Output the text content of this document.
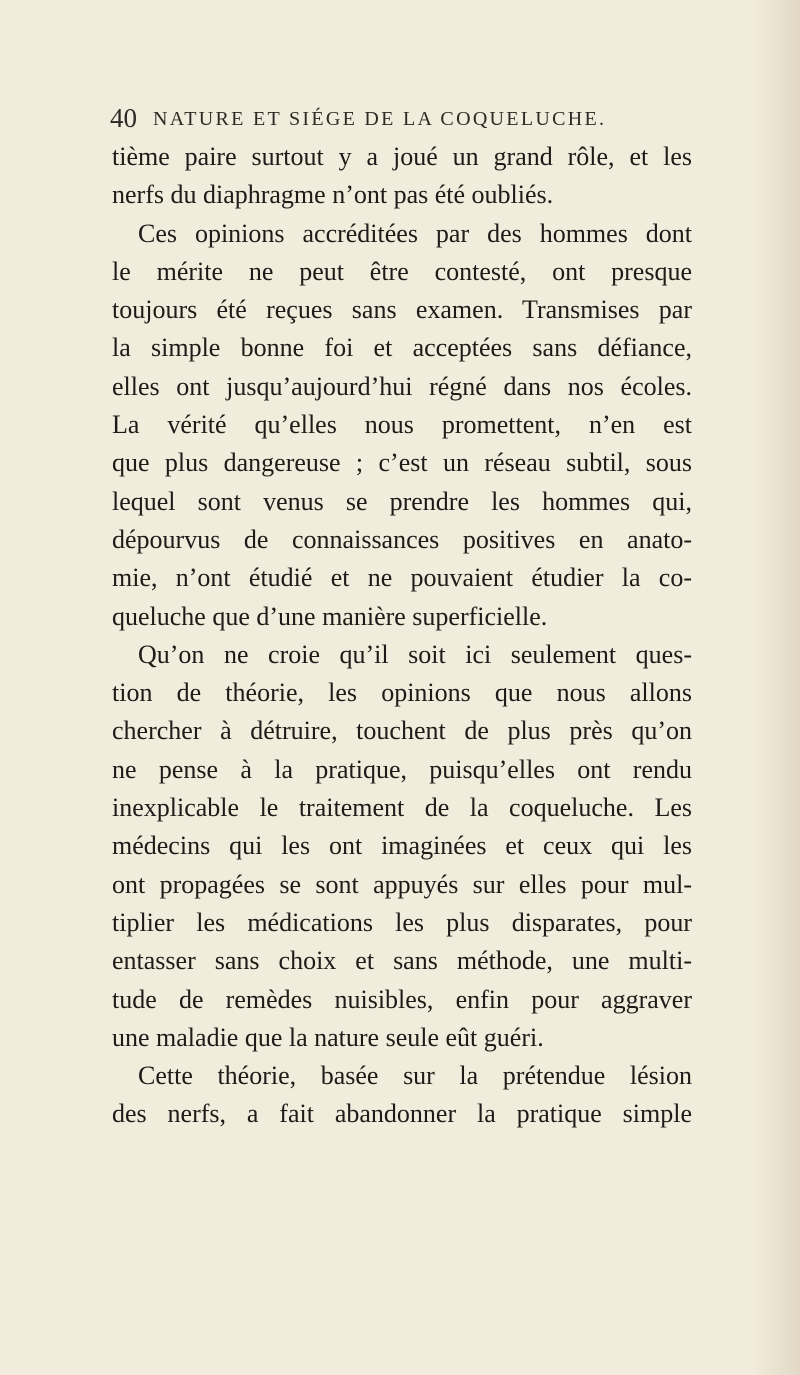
40 NATURE ET SIÉGE DE LA COQUELUCHE.
tième paire surtout y a joué un grand rôle, et les
nerfs du diaphragme n’ont pas été oubliés.
Ces opinions accréditées par des hommes dont
le mérite ne peut être contesté, ont presque
toujours été reçues sans examen. Transmises par
la simple bonne foi et acceptées sans défiance,
elles ont jusqu’aujourd’hui régné dans nos écoles.
La vérité qu’elles nous promettent, n’en est
que plus dangereuse ; c’est un réseau subtil, sous
lequel sont venus se prendre les hommes qui,
dépourvus de connaissances positives en anato-
mie, n’ont étudié et ne pouvaient étudier la co-
queluche que d’une manière superficielle.
Qu’on ne croie qu’il soit ici seulement ques-
tion de théorie, les opinions que nous allons
chercher à détruire, touchent de plus près qu’on
ne pense à la pratique, puisqu’elles ont rendu
inexplicable le traitement de la coqueluche. Les
médecins qui les ont imaginées et ceux qui les
ont propagées se sont appuyés sur elles pour mul-
tiplier les médications les plus disparates, pour
entasser sans choix et sans méthode, une multi-
tude de remèdes nuisibles, enfin pour aggraver
une maladie que la nature seule eût guéri.
Cette théorie, basée sur la prétendue lésion
des nerfs, a fait abandonner la pratique simple
